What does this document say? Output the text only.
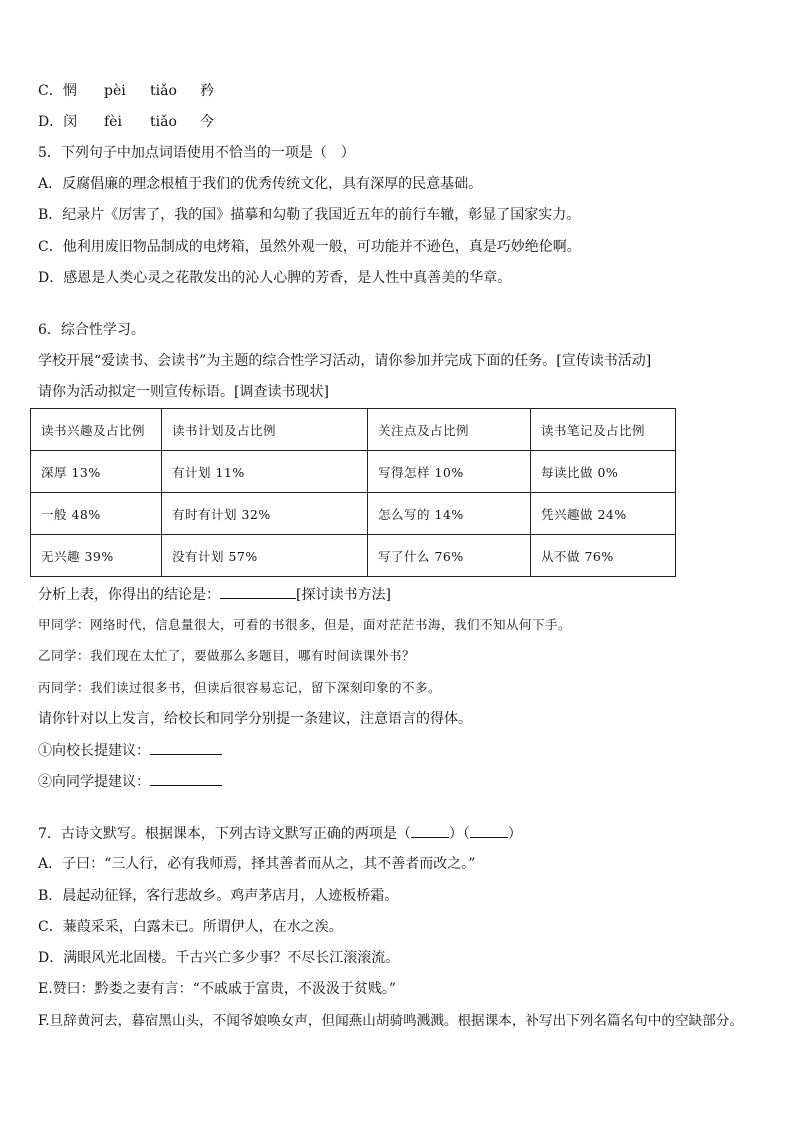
C．惘	pèi	tiǎo	矜
D．闵	fèi	tiǎo	今
5．下列句子中加点词语使用不恰当的一项是（　）
A．反腐倡廉的理念根植于我们的优秀传统文化，具有深厚的民意基础。
B．纪录片《厉害了，我的国》描摹和勾勒了我国近五年的前行车辙，彰显了国家实力。
C．他利用废旧物品制成的电烤箱，虽然外观一般，可功能并不逊色，真是巧妙绝伦啊。
D．感恩是人类心灵之花散发出的沁人心脾的芳香，是人性中真善美的华章。
6．综合性学习。
学校开展“爱读书、会读书”为主题的综合性学习活动，请你参加并完成下面的任务。[宣传读书活动]
请你为活动拟定一则宣传标语。[调查读书现状]
读书兴趣及占比例	读书计划及占比例	关注点及占比例	读书笔记及占比例
深厚 13%	有计划 11%	写得怎样 10%	每读比做 0%
一般 48%	有时有计划 32%	怎么写的 14%	凭兴趣做 24%
无兴趣 39%	没有计划 57%	写了什么 76%	从不做 76%
分析上表，你得出的结论是：	[探讨读书方法]
甲同学：网络时代，信息量很大，可看的书很多，但是，面对茫茫书海，我们不知从何下手。
乙同学：我们现在太忙了，要做那么多题目，哪有时间读课外书？
丙同学：我们读过很多书，但读后很容易忘记，留下深刻印象的不多。
请你针对以上发言，给校长和同学分别提一条建议，注意语言的得体。
①向校长提建议：
②向同学提建议：
7．古诗文默写。根据课本，下列古诗文默写正确的两项是（	）（	）
A．子曰：“三人行，必有我师焉，择其善者而从之，其不善者而改之。”
B．晨起动征铎，客行悲故乡。鸡声茅店月，人迹板桥霜。
C．蒹葭采采，白露未已。所谓伊人，在水之涘。
D．满眼风光北固楼。千古兴亡多少事？不尽长江滚滚流。
E.赞曰：黔娄之妻有言：“不戚戚于富贵，不汲汲于贫贱。”
F.旦辞黄河去，暮宿黑山头，不闻爷娘唤女声，但闻燕山胡骑鸣溅溅。根据课本，补写出下列名篇名句中的空缺部分。
